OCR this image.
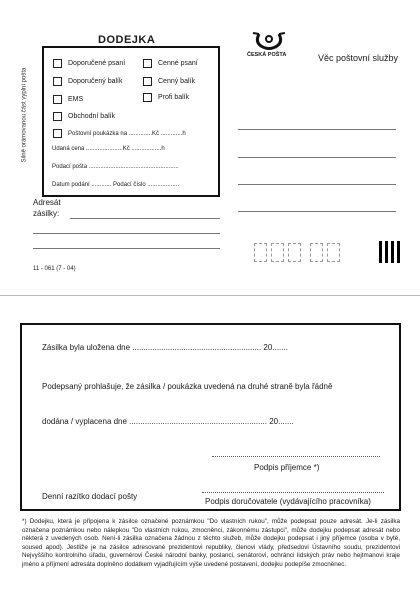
Silně orámovanou část vyplní pošta
DODEJKA
Doporučené psaní
Doporučený balík
EMS
Obchodní balík
Cenné psaní
Cenný balík
Profi balík
Poštovní poukázka na ..............Kč .............h
Udaná cena ......................Kč ..................h
Podací pošta ......................................................
Datum podání ............ Podací číslo ...................
Adresát
zásilky:
11 - 061 (7 - 04)
ČESKÁ POŠTA	Věc poštovní služby
Zásilka byla uložena dne .......................................................... 20.......
Podepsaný prohlašuje, že zásilka / poukázka uvedená na druhé straně byla řádně
dodána / vyplacena dne .............................................................. 20.......
Podpis příjemce *)
Denní razítko dodací pošty
Podpis doručovatele (vydávajícího pracovníka)
*) Dodejku, která je připojena k zásilce označené poznámkou "Do vlastních rukou", může podepsat pouze adresát. Je-li zásilka označena poznámkou nebo nálepkou "Do vlastních rukou, zmocněnci, zákonnému zástupci", může dodejku podepsat adresát nebo některá z uvedených osob. Není-li zásilka označena žádnou z těchto služeb, může dodejku podepsat i jiný příjemce (osoba v bytě, soused apod). Jestliže je na zásilce adresované prezidentovi republiky, členovi vlády, předsedovi Ústavního soudu, prezidentovi Nejvyššího kontrolního úřadu, guvernérovi České národní banky, poslanci, senátorovi, ochránci lidských práv nebo hejtmanovi kraje jméno a příjmení adresáta doplněno dodatkem vyjadřujícím výše uvedené postavení, dodejku podepíše zmocněnec.
